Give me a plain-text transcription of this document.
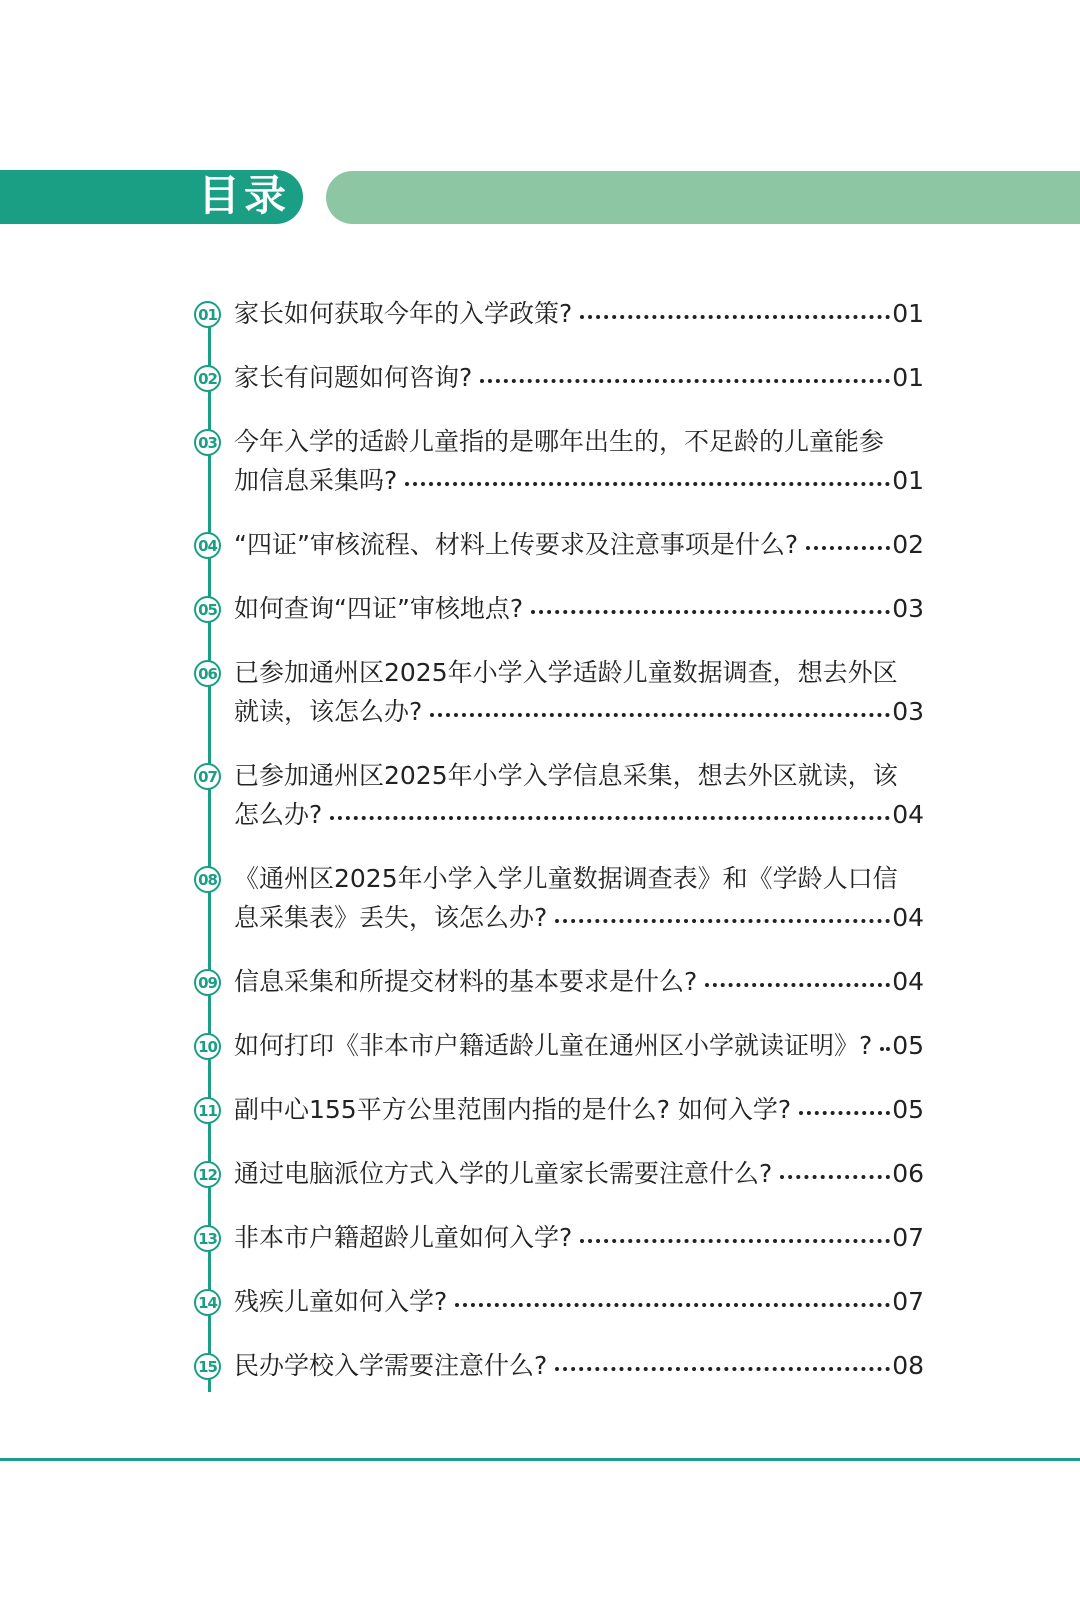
目录
01 家长如何获取今年的入学政策?	01
02 家长有问题如何咨询?	01
03 今年入学的适龄儿童指的是哪年出生的，不足龄的儿童能参
加信息采集吗?	01
04 “四证”审核流程、材料上传要求及注意事项是什么?	02
05 如何查询“四证”审核地点?	03
06 已参加通州区2025年小学入学适龄儿童数据调查，想去外区
就读，该怎么办?	03
07 已参加通州区2025年小学入学信息采集，想去外区就读，该
怎么办?	04
08 《通州区2025年小学入学儿童数据调查表》和《学龄人口信
息采集表》丢失，该怎么办?	04
09 信息采集和所提交材料的基本要求是什么?	04
10 如何打印《非本市户籍适龄儿童在通州区小学就读证明》? 05
11 副中心155平方公里范围内指的是什么? 如何入学?	05
12 通过电脑派位方式入学的儿童家长需要注意什么?	06
13 非本市户籍超龄儿童如何入学?	07
14 残疾儿童如何入学?	07
15 民办学校入学需要注意什么?	08
